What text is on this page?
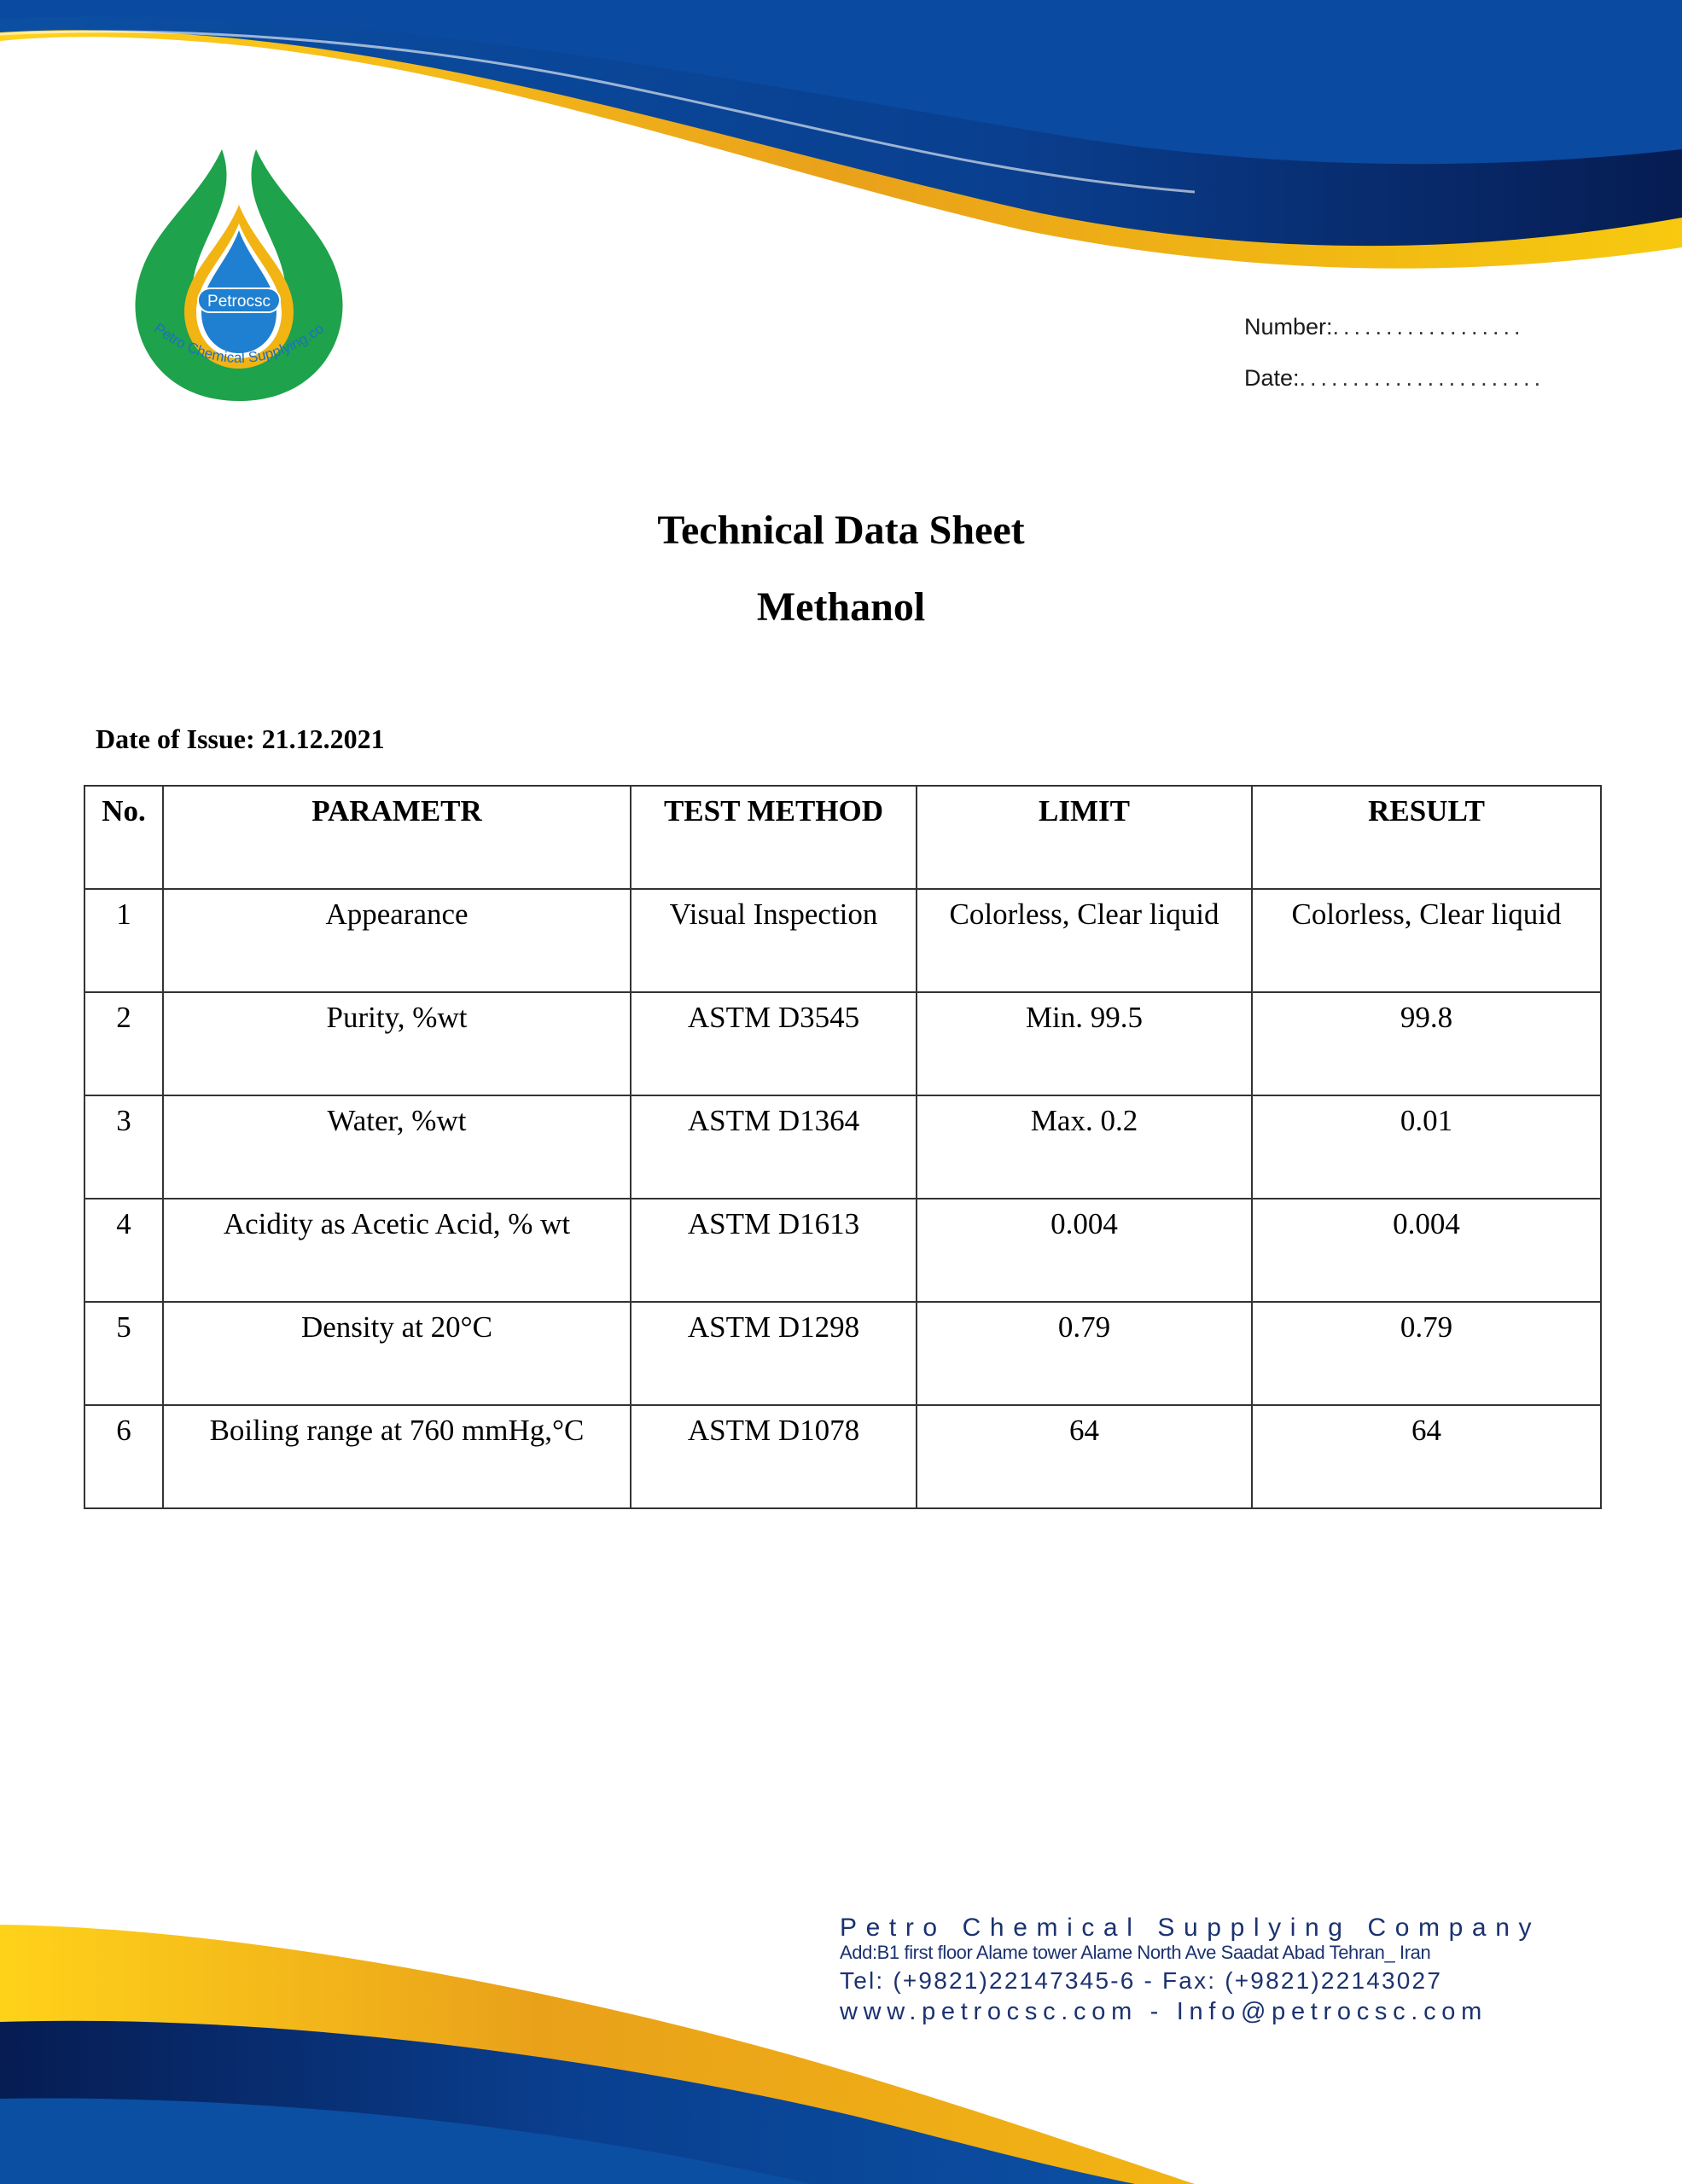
Petrocsc
Petro Chemical Supplying.co	Number:..................
Date:.......................
Technical Data Sheet
Methanol
Date of Issue: 21.12.2021
No.	PARAMETR	TEST METHOD	LIMIT	RESULT
1	Appearance	Visual Inspection	Colorless, Clear liquid	Colorless, Clear liquid
2	Purity, %wt	ASTM D3545	Min. 99.5	99.8
3	Water, %wt	ASTM D1364	Max. 0.2	0.01
4	Acidity as Acetic Acid, % wt	ASTM D1613	0.004	0.004
5	Density at 20°C	ASTM D1298	0.79	0.79
6	Boiling range at 760 mmHg,°C	ASTM D1078	64	64
Petro Chemical Supplying Company
Add:B1 first floor Alame tower Alame North Ave Saadat Abad Tehran_ Iran
Tel: (+9821)22147345-6 - Fax: (+9821)22143027
www.petrocsc.com - Info@petrocsc.com
